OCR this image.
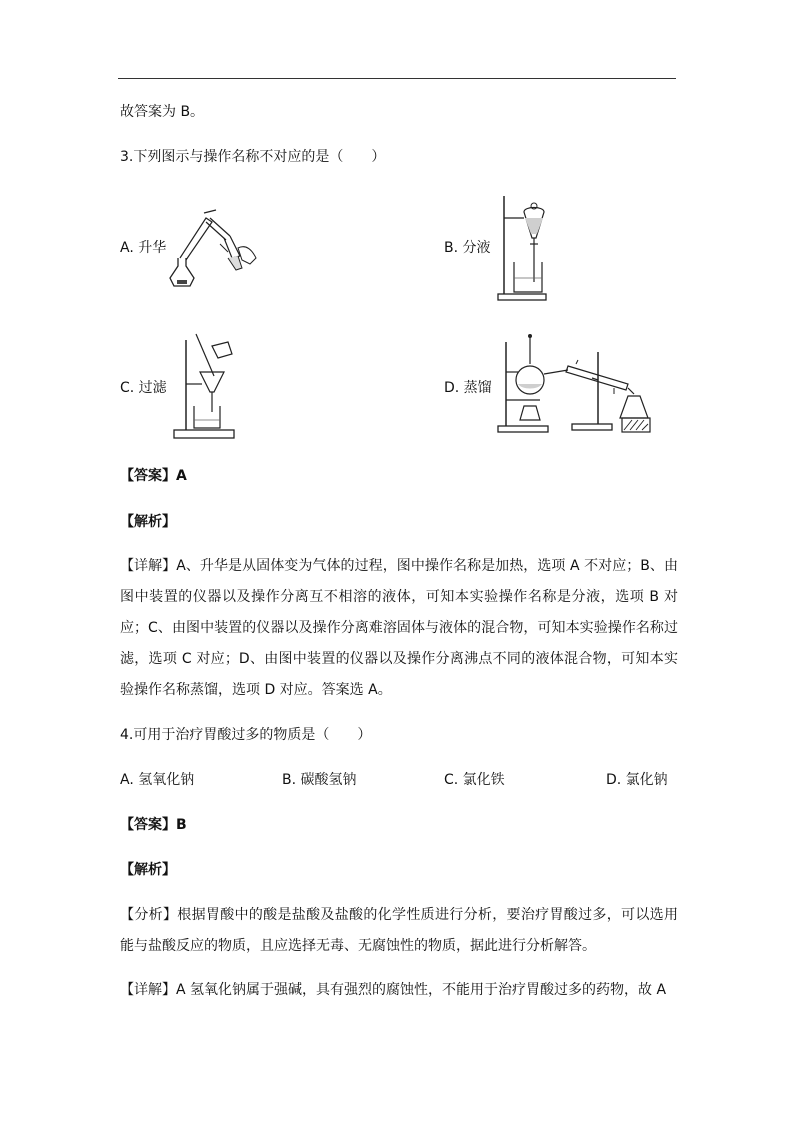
故答案为 B。
3.下列图示与操作名称不对应的是（　　）
A. 升华	B. 分液
C. 过滤	D. 蒸馏
【答案】A
【解析】
【详解】A、升华是从固体变为气体的过程，图中操作名称是加热，选项 A 不对应；B、由图中装置的仪器以及操作分离互不相溶的液体，可知本实验操作名称是分液，选项 B 对应；C、由图中装置的仪器以及操作分离难溶固体与液体的混合物，可知本实验操作名称过滤，选项 C 对应；D、由图中装置的仪器以及操作分离沸点不同的液体混合物，可知本实验操作名称蒸馏，选项 D 对应。答案选 A。
4.可用于治疗胃酸过多的物质是（　　）
A. 氢氧化钠	B. 碳酸氢钠	C. 氯化铁	D. 氯化钠
【答案】B
【解析】
【分析】根据胃酸中的酸是盐酸及盐酸的化学性质进行分析，要治疗胃酸过多，可以选用能与盐酸反应的物质，且应选择无毒、无腐蚀性的物质，据此进行分析解答。
【详解】A 氢氧化钠属于强碱，具有强烈的腐蚀性，不能用于治疗胃酸过多的药物，故 A
